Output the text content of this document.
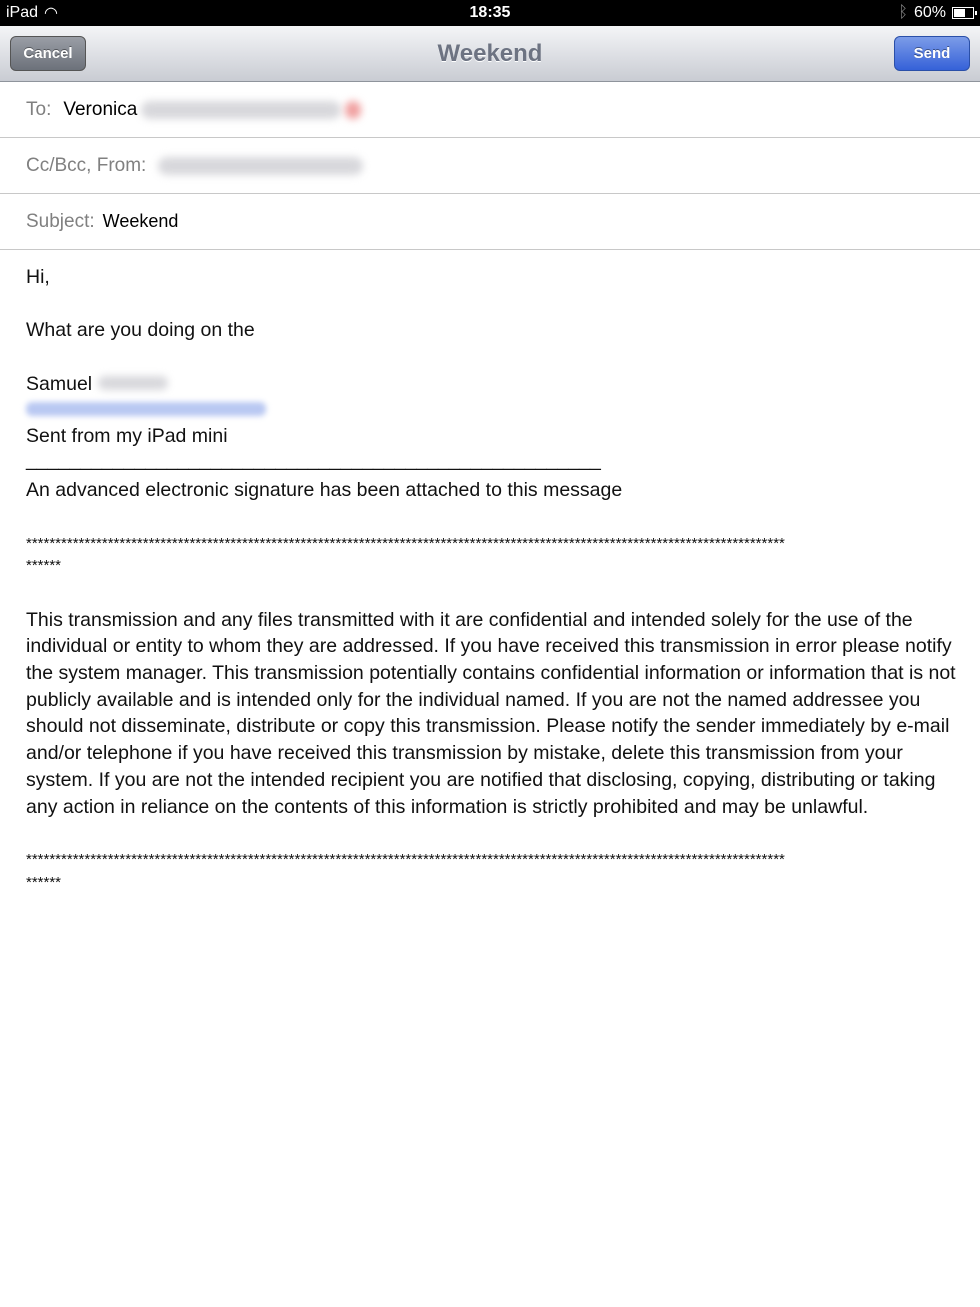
iPad ◠	18:35	ᛒ 60%
Cancel	Weekend	Send
To: Veronica
Cc/Bcc, From:
Subject: Weekend

Hi,

What are you doing on the

Samuel

Sent from my iPad mini

_____________________________________________________

An advanced electronic signature has been attached to this message

**********************************************************************************************************************************

******

This transmission and any files transmitted with it are confidential and intended solely for the use of the individual or entity to whom they are addressed. If you have received this transmission in error please notify the system manager. This transmission potentially contains confidential information or information that is not publicly available and is intended only for the individual named. If you are not the named addressee you should not disseminate, distribute or copy this transmission. Please notify the sender immediately by e-mail and/or telephone if you have received this transmission by mistake, delete this transmission from your system. If you are not the intended recipient you are notified that disclosing, copying, distributing or taking any action in reliance on the contents of this information is strictly prohibited and may be unlawful.

**********************************************************************************************************************************

******
